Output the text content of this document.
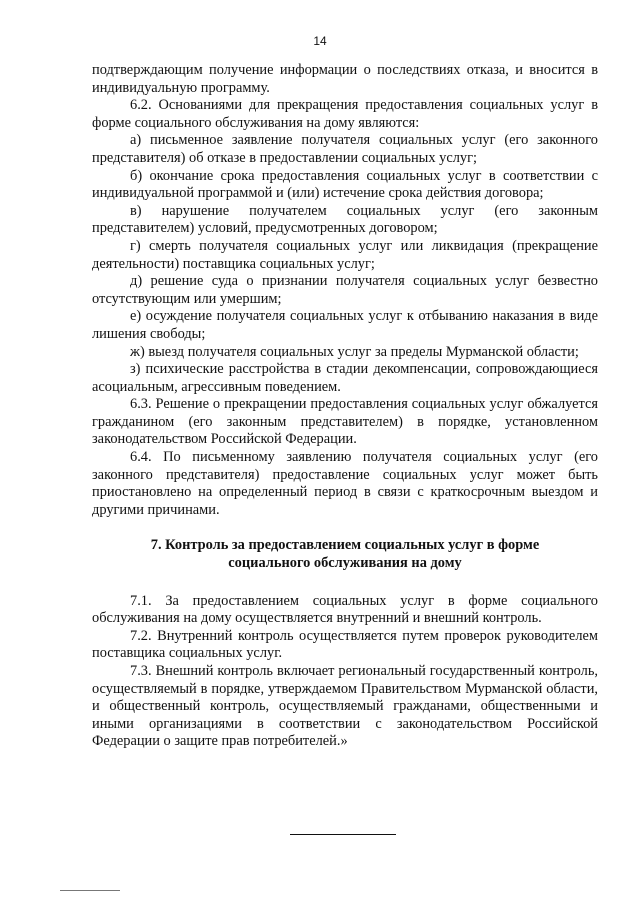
14

подтверждающим получение информации о последствиях отказа, и вносится в индивидуальную программу.

6.2. Основаниями для прекращения предоставления социальных услуг в форме социального обслуживания на дому являются:

а) письменное заявление получателя социальных услуг (его законного представителя) об отказе в предоставлении социальных услуг;

б) окончание срока предоставления социальных услуг в соответствии с индивидуальной программой и (или) истечение срока действия договора;

в) нарушение получателем социальных услуг (его законным представителем) условий, предусмотренных договором;

г) смерть получателя социальных услуг или ликвидация (прекращение деятельности) поставщика социальных услуг;

д) решение суда о признании получателя социальных услуг безвестно отсутствующим или умершим;

е) осуждение получателя социальных услуг к отбыванию наказания в виде лишения свободы;

ж) выезд получателя социальных услуг за пределы Мурманской области;

з) психические расстройства в стадии декомпенсации, сопровождающиеся асоциальным, агрессивным поведением.

6.3. Решение о прекращении предоставления социальных услуг обжалуется гражданином (его законным представителем) в порядке, установленном законодательством Российской Федерации.

6.4. По письменному заявлению получателя социальных услуг (его законного представителя) предоставление социальных услуг может быть приостановлено на определенный период в связи с краткосрочным выездом и другими причинами.

7. Контроль за предоставлением социальных услуг в форме
социального обслуживания на дому

7.1. За предоставлением социальных услуг в форме социального обслуживания на дому осуществляется внутренний и внешний контроль.

7.2. Внутренний контроль осуществляется путем проверок руководителем поставщика социальных услуг.

7.3. Внешний контроль включает региональный государственный контроль, осуществляемый в порядке, утверждаемом Правительством Мурманской области, и общественный контроль, осуществляемый гражданами, общественными и иными организациями в соответствии с законодательством Российской Федерации о защите прав потребителей.»
